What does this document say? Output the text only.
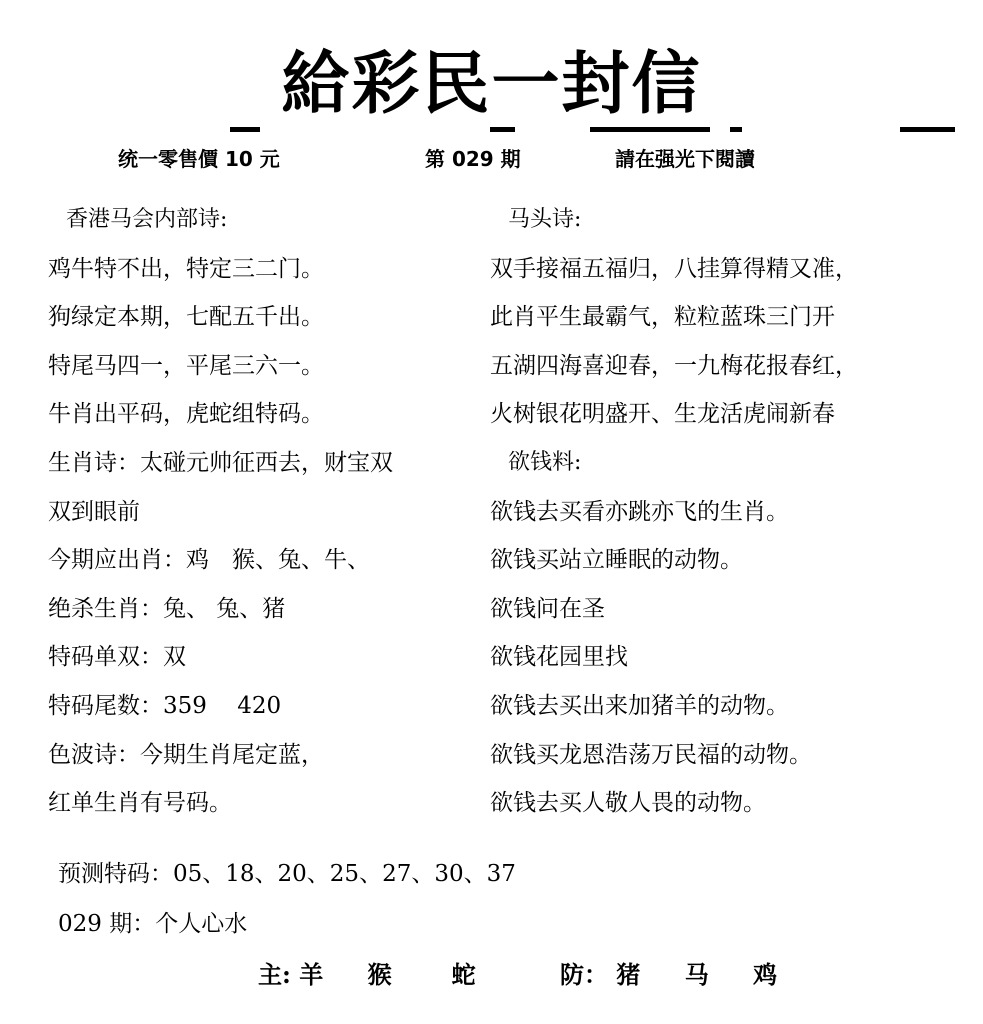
給彩民一封信
统一零售價 10 元	第 029 期	請在强光下閱讀
香港马会内部诗:
鸡牛特不出，特定三二门。
狗绿定本期，七配五千出。
特尾马四一，平尾三六一。
牛肖出平码，虎蛇组特码。
生肖诗：太碰元帅征西去，财宝双
双到眼前
今期应出肖：鸡　猴、兔、牛、
绝杀生肖：兔、 兔、猪
特码单双：双
特码尾数：359　 420
色波诗：今期生肖尾定蓝，
红单生肖有号码。
马头诗:
双手接福五福归，八挂算得精又准，
此肖平生最霸气，粒粒蓝珠三门开
五湖四海喜迎春，一九梅花报春红，
火树银花明盛开、生龙活虎闹新春
欲钱料:
欲钱去买看亦跳亦飞的生肖。
欲钱买站立睡眠的动物。
欲钱问在圣
欲钱花园里找
欲钱去买出来加猪羊的动物。
欲钱买龙恩浩荡万民福的动物。
欲钱去买人敬人畏的动物。
预测特码：05、18、20、25、27、30、37
029 期：个人心水
主: 羊 猴　蛇	防： 猪 马 鸡
